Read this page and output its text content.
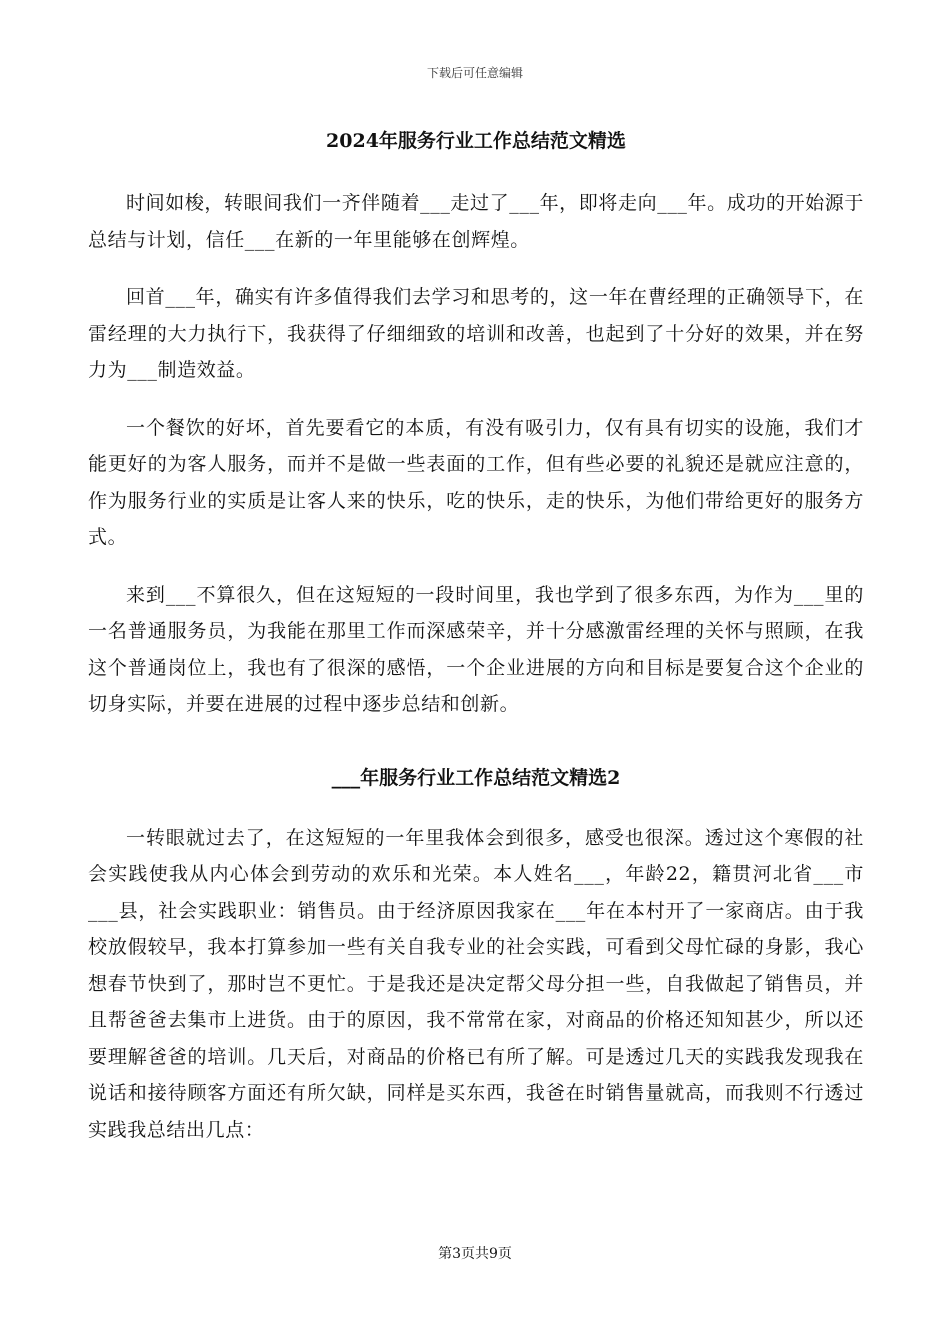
下载后可任意编辑
2024年服务行业工作总结范文精选

时间如梭，转眼间我们一齐伴随着___走过了___年，即将走向___年。成功的开始源于总结与计划，信任___在新的一年里能够在创辉煌。

回首___年，确实有许多值得我们去学习和思考的，这一年在曹经理的正确领导下，在雷经理的大力执行下，我获得了仔细细致的培训和改善，也起到了十分好的效果，并在努力为___制造效益。

一个餐饮的好坏，首先要看它的本质，有没有吸引力，仅有具有切实的设施，我们才能更好的为客人服务，而并不是做一些表面的工作，但有些必要的礼貌还是就应注意的，作为服务行业的实质是让客人来的快乐，吃的快乐，走的快乐，为他们带给更好的服务方式。

来到___不算很久，但在这短短的一段时间里，我也学到了很多东西，为作为___里的一名普通服务员，为我能在那里工作而深感荣辛，并十分感激雷经理的关怀与照顾，在我这个普通岗位上，我也有了很深的感悟，一个企业进展的方向和目标是要复合这个企业的切身实际，并要在进展的过程中逐步总结和创新。

___年服务行业工作总结范文精选2

一转眼就过去了，在这短短的一年里我体会到很多，感受也很深。透过这个寒假的社会实践使我从内心体会到劳动的欢乐和光荣。本人姓名___，年龄22，籍贯河北省___市___县，社会实践职业：销售员。由于经济原因我家在___年在本村开了一家商店。由于我校放假较早，我本打算参加一些有关自我专业的社会实践，可看到父母忙碌的身影，我心想春节快到了，那时岂不更忙。于是我还是决定帮父母分担一些，自我做起了销售员，并且帮爸爸去集市上进货。由于的原因，我不常常在家，对商品的价格还知知甚少，所以还要理解爸爸的培训。几天后，对商品的价格已有所了解。可是透过几天的实践我发现我在说话和接待顾客方面还有所欠缺，同样是买东西，我爸在时销售量就高，而我则不行透过实践我总结出几点：

第3页共9页
